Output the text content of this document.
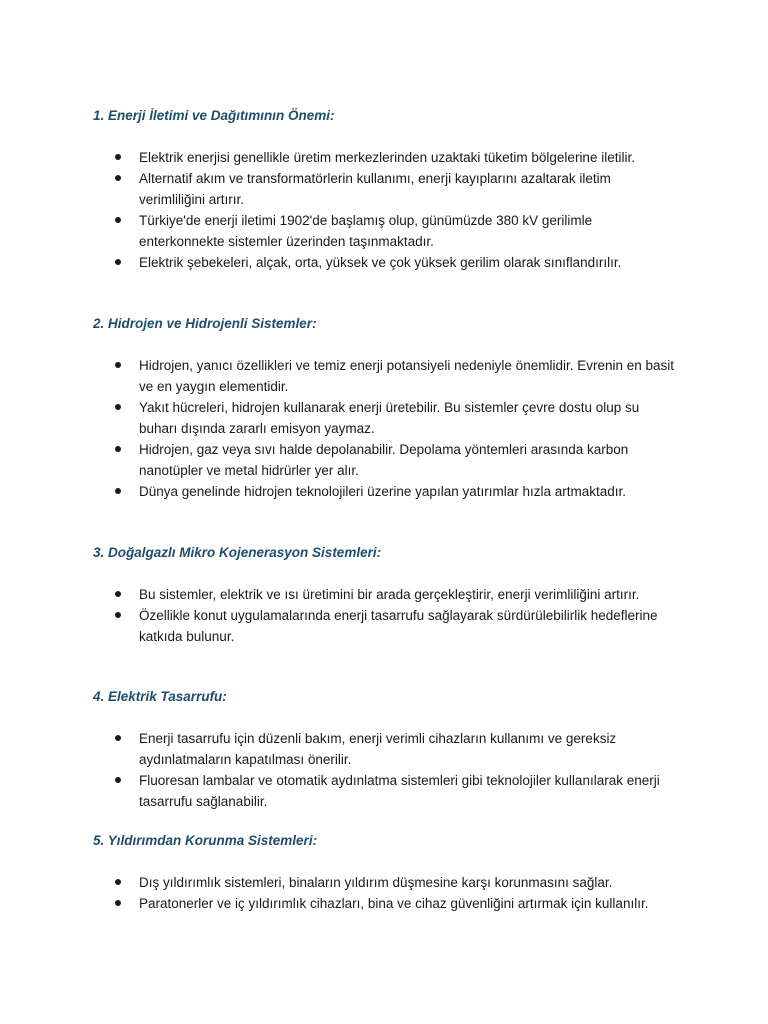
1. Enerji İletimi ve Dağıtımının Önemi:
Elektrik enerjisi genellikle üretim merkezlerinden uzaktaki tüketim bölgelerine iletilir.
Alternatif akım ve transformatörlerin kullanımı, enerji kayıplarını azaltarak iletim verimliliğini artırır.
Türkiye'de enerji iletimi 1902'de başlamış olup, günümüzde 380 kV gerilimle enterkonnekte sistemler üzerinden taşınmaktadır.
Elektrik şebekeleri, alçak, orta, yüksek ve çok yüksek gerilim olarak sınıflandırılır.
2. Hidrojen ve Hidrojenli Sistemler:
Hidrojen, yanıcı özellikleri ve temiz enerji potansiyeli nedeniyle önemlidir. Evrenin en basit ve en yaygın elementidir.
Yakıt hücreleri, hidrojen kullanarak enerji üretebilir. Bu sistemler çevre dostu olup su buharı dışında zararlı emisyon yaymaz.
Hidrojen, gaz veya sıvı halde depolanabilir. Depolama yöntemleri arasında karbon nanotüpler ve metal hidrürler yer alır.
Dünya genelinde hidrojen teknolojileri üzerine yapılan yatırımlar hızla artmaktadır.
3. Doğalgazlı Mikro Kojenerasyon Sistemleri:
Bu sistemler, elektrik ve ısı üretimini bir arada gerçekleştirir, enerji verimliliğini artırır.
Özellikle konut uygulamalarında enerji tasarrufu sağlayarak sürdürülebilirlik hedeflerine katkıda bulunur.
4. Elektrik Tasarrufu:
Enerji tasarrufu için düzenli bakım, enerji verimli cihazların kullanımı ve gereksiz aydınlatmaların kapatılması önerilir.
Fluoresan lambalar ve otomatik aydınlatma sistemleri gibi teknolojiler kullanılarak enerji tasarrufu sağlanabilir.
5. Yıldırımdan Korunma Sistemleri:
Dış yıldırımlık sistemleri, binaların yıldırım düşmesine karşı korunmasını sağlar.
Paratonerler ve iç yıldırımlık cihazları, bina ve cihaz güvenliğini artırmak için kullanılır.
